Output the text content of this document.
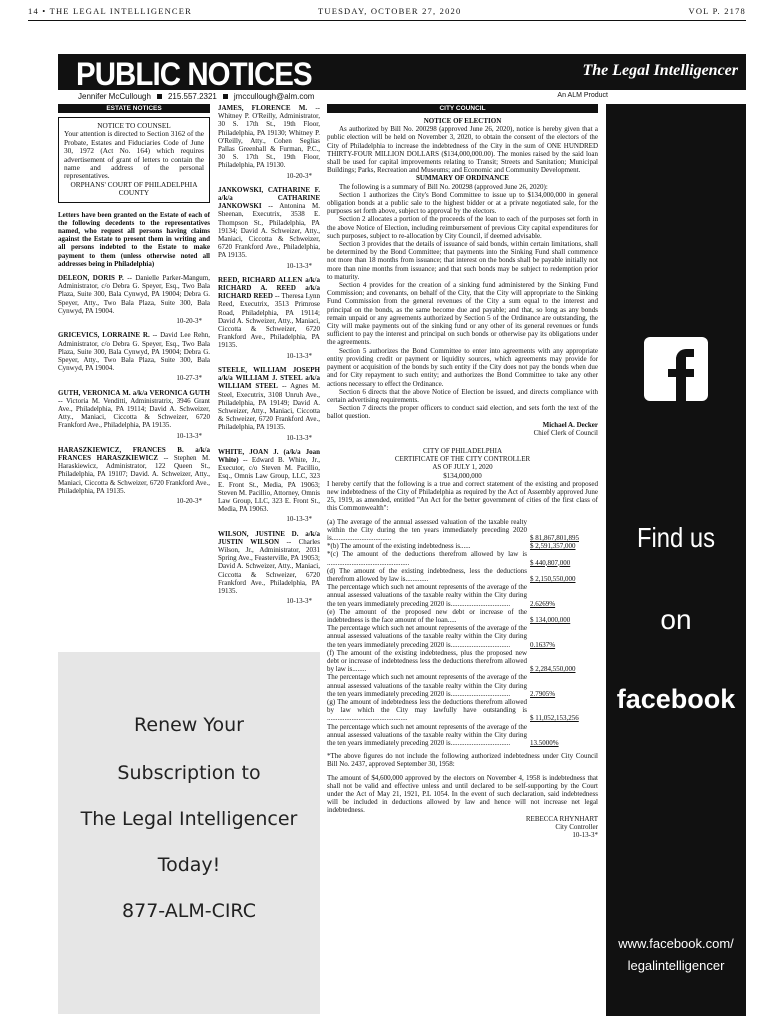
14 • THE LEGAL INTELLIGENCER	TUESDAY, OCTOBER 27, 2020	VOL P. 2178
PUBLIC NOTICES	The Legal Intelligencer
Jennifer McCullough 215.557.2321 jmccullough@alm.com	An ALM Product
ESTATE NOTICES
NOTICE TO COUNSEL
Your attention is directed to Section 3162 of the Probate, Estates and Fiduciaries Code of June 30, 1972 (Act No. 164) which requires advertisement of grant of letters to contain the name and address of the personal representatives.
ORPHANS' COURT OF PHILADELPHIA COUNTY
Letters have been granted on the Estate of each of the following decedents to the representatives named, who request all persons having claims against the Estate to present them in writing and all persons indebted to the Estate to make payment to them (unless otherwise noted all addresses being in Philadelphia)
DELEON, DORIS P. -- Danielle Parker-Mangum, Administrator, c/o Debra G. Speyer, Esq., Two Bala Plaza, Suite 300, Bala Cynwyd, PA 19004; Debra G. Speyer, Atty., Two Bala Plaza, Suite 300, Bala Cynwyd, PA 19004.
10-20-3*
GRICEVICS, LORRAINE R. -- David Lee Rehn, Administrator, c/o Debra G. Speyer, Esq., Two Bala Plaza, Suite 300, Bala Cynwyd, PA 19004; Debra G. Speyer, Atty., Two Bala Plaza, Suite 300, Bala Cynwyd, PA 19004.
10-27-3*
GUTH, VERONICA M. a/k/a VERONICA GUTH -- Victoria M. Venditti, Administratrix, 3946 Grant Ave., Philadelphia, PA 19114; David A. Schweizer, Atty., Maniaci, Ciccotta & Schweizer, 6720 Frankford Ave., Philadelphia, PA 19135.
10-13-3*
HARASZKIEWICZ, FRANCES B. a/k/a FRANCES HARASZKIEWICZ -- Stephen M. Haraskiewicz, Administrator, 122 Queen St., Philadelphia, PA 19107; David. A. Schweizer, Atty., Maniaci, Ciccotta & Schweizer, 6720 Frankford Ave., Philadelphia, PA 19135.
10-20-3*
JAMES, FLORENCE M. -- Whitney P. O'Reilly, Administrator, 30 S. 17th St., 19th Floor, Philadelphia, PA 19130; Whitney P. O'Reilly, Atty., Cohen Seglias Pallas Greenhall & Furman, P.C., 30 S. 17th St., 19th Floor, Philadelphia, PA 19130.
10-20-3*
JANKOWSKI, CATHARINE F. a/k/a CATHARINE JANKOWSKI -- Antonina M. Sheenan, Executrix, 3538 E. Thompson St., Philadelphia, PA 19134; David A. Schweizer, Atty., Maniaci, Ciccotta & Schweizer, 6720 Frankford Ave., Philadelphia, PA 19135.
10-13-3*
REED, RICHARD ALLEN a/k/a RICHARD A. REED a/k/a RICHARD REED -- Theresa Lynn Reed, Executrix, 3513 Primrose Road, Philadelphia, PA 19114; David A. Schweizer, Atty., Maniaci, Ciccotta & Schweizer, 6720 Frankford Ave., Philadelphia, PA 19135.
10-13-3*
STEELE, WILLIAM JOSEPH a/k/a WILLIAM J. STEEL a/k/a WILLIAM STEEL -- Agnes M. Steel, Executrix, 3108 Unruh Ave., Philadelphia, PA 19149; David A. Schweizer, Atty., Maniaci, Ciccotta & Schweizer, 6720 Frankford Ave., Philadelphia, PA 19135.
10-13-3*
WHITE, JOAN J. (a/k/a Joan White) -- Edward B. White, Jr., Executor, c/o Steven M. Pacillio, Esq., Omnis Law Group, LLC, 323 E. Front St., Media, PA 19063; Steven M. Pacillio, Attorney, Omnis Law Group, LLC, 323 E. Front St., Media, PA 19063.
10-13-3*
WILSON, JUSTINE D. a/k/a JUSTIN WILSON -- Charles Wilson, Jr., Administrator, 2031 Spring Ave., Feasterville, PA 19053; David A. Schweizer, Atty., Maniaci, Ciccotta & Schweizer, 6720 Frankford Ave., Philadelphia, PA 19135.
10-13-3*
Renew Your
Subscription to
The Legal Intelligencer
Today!
877-ALM-CIRC
CITY COUNCIL
NOTICE OF ELECTION
As authorized by Bill No. 200298 (approved June 26, 2020), notice is hereby given that a public election will be held on November 3, 2020, to obtain the consent of the electors of the City of Philadelphia to increase the indebtedness of the City in the sum of ONE HUNDRED THIRTY-FOUR MILLION DOLLARS ($134,000,000.00). The monies raised by the said loan shall be used for capital improvements relating to Transit; Streets and Sanitation; Municipal Buildings; Parks, Recreation and Museums; and Economic and Community Development.
SUMMARY OF ORDINANCE
The following is a summary of Bill No. 200298 (approved June 26, 2020):
Section 1 authorizes the City's Bond Committee to issue up to $134,000,000 in general obligation bonds at a public sale to the highest bidder or at a private negotiated sale, for the purposes set forth above, subject to approval by the electors.
Section 2 allocates a portion of the proceeds of the loan to each of the purposes set forth in the above Notice of Election, including reimbursement of previous City capital expenditures for such purposes, subject to re-allocation by City Council, if deemed advisable.
Section 3 provides that the details of issuance of said bonds, within certain limitations, shall be determined by the Bond Committee; that payments into the Sinking Fund shall commence not more than 18 months from issuance; that interest on the bonds shall be payable initially not more than nine months from issuance; and that such bonds may be subject to redemption prior to maturity.
Section 4 provides for the creation of a sinking fund administered by the Sinking Fund Commission; and covenants, on behalf of the City, that the City will appropriate to the Sinking Fund Commission from the general revenues of the City a sum equal to the interest and principal on the bonds, as the same become due and payable; and that, so long as any bonds remain unpaid or any agreements authorized by Section 5 of the Ordinance are outstanding, the City will make payments out of the sinking fund or any other of its general revenues or funds sufficient to pay the interest and principal on such bonds or otherwise pay its obligations under the agreements.
Section 5 authorizes the Bond Committee to enter into agreements with any appropriate entity providing credit or payment or liquidity sources, which agreements may provide for payment or acquisition of the bonds by such entity if the City does not pay the bonds when due and for City repayment to such entity; and authorizes the Bond Committee to take any other actions necessary to effect the Ordinance.
Section 6 directs that the above Notice of Election be issued, and directs compliance with certain advertising requirements.
Section 7 directs the proper officers to conduct said election, and sets forth the text of the ballot question.
Michael A. Decker
Chief Clerk of Council
CITY OF PHILADELPHIA
CERTIFICATE OF THE CITY CONTROLLER
AS OF JULY 1, 2020
$134,000,000
I hereby certify that the following is a true and correct statement of the existing and proposed new indebtedness of the City of Philadelphia as required by the Act of Assembly approved June 25, 1919, as amended, entitled "An Act for the better government of cities of the first class of this Commonwealth":
(a) The average of the annual assessed valuation of the taxable realty within the City during the ten years immediately preceding 2020 is..................................	$ 81,867,801,895
*(b) The amount of the existing indebtedness is......	$ 2,591,357,000
*(c) The amount of the deductions therefrom allowed by law is ...............................................	$ 440,807,000
(d) The amount of the existing indebtedness, less the deductions therefrom allowed by law is.............	$ 2,150,550,000
The percentage which such net amount represents of the average of the annual assessed valuations of the taxable realty within the City during the ten years immediately preceding 2020 is..................................	2.6269%
(e) The amount of the proposed new debt or increase of the indebtedness is the face amount of the loan.....	$ 134,000,000
The percentage which such net amount represents of the average of the annual assessed valuations of the taxable realty within the City during the ten years immediately preceding 2020 is..................................	0.1637%
(f) The amount of the existing indebtedness, plus the proposed new debt or increase of indebtedness less the deductions therefrom allowed by law is........	$ 2,284,550,000
The percentage which such net amount represents of the average of the annual assessed valuations of the taxable realty within the City during the ten years immediately preceding 2020 is..................................	2.7905%
(g) The amount of indebtedness less the deductions therefrom allowed by law which the City may lawfully have outstanding is ..............................................	$ 11,052,153,256
The percentage which such net amount represents of the average of the annual assessed valuations of the taxable realty within the City during the ten years immediately preceding 2020 is..................................	13.5000%
*The above figures do not include the following authorized indebtedness under City Council Bill No. 2437, approved September 30, 1958:
The amount of $4,600,000 approved by the electors on November 4, 1958 is indebtedness that shall not be valid and effective unless and until declared to be self-supporting by the Court under the Act of May 21, 1921, P.L 1054. In the event of such declaration, said indebtedness will be included in deductions allowed by law and hence will not increase net legal indebtedness.
REBECCA RHYNHART
City Controller
10-13-3*
Find us
on
facebook
www.facebook.com/
legalintelligencer
